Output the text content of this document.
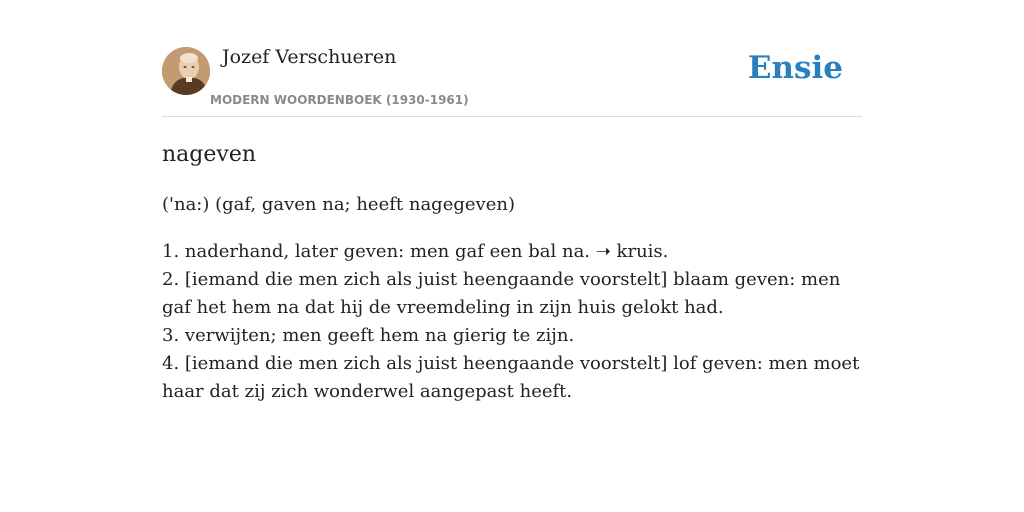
Jozef Verschueren
MODERN WOORDENBOEK (1930-1961)
Ensie
nageven

('na:) (gaf, gaven na; heeft nagegeven)

1. naderhand, later geven: men gaf een bal na. ➝ kruis.
2. [iemand die men zich als juist heengaande voorstelt] blaam geven: men gaf het hem na dat hij de vreemdeling in zijn huis gelokt had.
3. verwijten; men geeft hem na gierig te zijn.
4. [iemand die men zich als juist heengaande voorstelt] lof geven: men moet haar dat zij zich wonderwel aangepast heeft.
